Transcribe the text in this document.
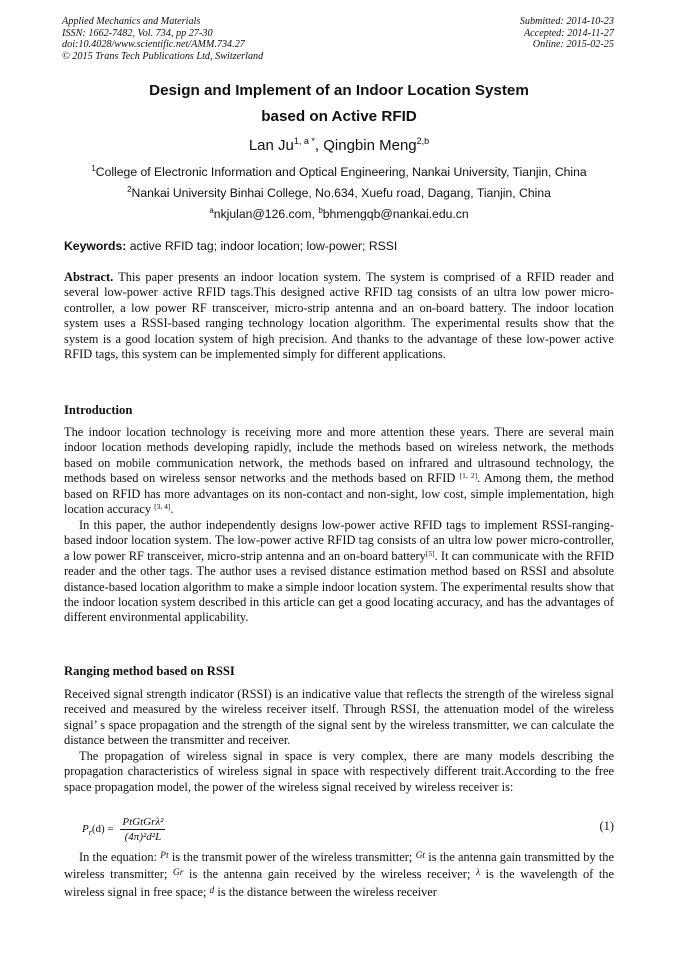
Applied Mechanics and Materials
ISSN: 1662-7482, Vol. 734, pp 27-30
doi:10.4028/www.scientific.net/AMM.734.27
© 2015 Trans Tech Publications Ltd, Switzerland
Submitted: 2014-10-23
Accepted: 2014-11-27
Online: 2015-02-25
Design and Implement of an Indoor Location System
based on Active RFID
Lan $Ju^{1, a *}$, Qingbin Meng$^{2,b}$
$^1$College of Electronic Information and Optical Engineering, Nankai University, Tianjin, China
$^2$Nankai University Binhai College, No.634, Xuefu road, Dagang, Tianjin, China
$^a$nkjulan@126.com, $^b$bhmengqb@nankai.edu.cn
Keywords: active RFID tag; indoor location; low-power; RSSI
Abstract. This paper presents an indoor location system. The system is comprised of a RFID reader and several low-power active RFID tags.This designed active RFID tag consists of an ultra low power micro-controller, a low power RF transceiver, micro-strip antenna and an on-board battery. The indoor location system uses a RSSI-based ranging technology location algorithm. The experimental results show that the system is a good location system of high precision. And thanks to the advantage of these low-power active RFID tags, this system can be implemented simply for different applications.
Introduction
The indoor location technology is receiving more and more attention these years. There are several main indoor location methods developing rapidly, include the methods based on wireless network, the methods based on mobile communication network, the methods based on infrared and ultrasound technology, the methods based on wireless sensor networks and the methods based on RFID [1, 2]. Among them, the method based on RFID has more advantages on its non-contact and non-sight, low cost, simple implementation, high location accuracy [3, 4].
In this paper, the author independently designs low-power active RFID tags to implement RSSI-ranging-based indoor location system. The low-power active RFID tag consists of an ultra low power micro-controller, a low power RF transceiver, micro-strip antenna and an on-board battery[5]. It can communicate with the RFID reader and the other tags. The author uses a revised distance estimation method based on RSSI and absolute distance-based location algorithm to make a simple indoor location system. The experimental results show that the indoor location system described in this article can get a good locating accuracy, and has the advantages of different environmental applicability.
Ranging method based on RSSI
Received signal strength indicator (RSSI) is an indicative value that reflects the strength of the wireless signal received and measured by the wireless receiver itself. Through RSSI, the attenuation model of the wireless signal’ s space propagation and the strength of the signal sent by the wireless transmitter, we can calculate the distance between the transmitter and receiver.
The propagation of wireless signal in space is very complex, there are many models describing the propagation characteristics of wireless signal in space with respectively different trait.According to the free space propagation model, the power of the wireless signal received by wireless receiver is:
$P_r(d) = \frac{\text{PtGtGrλ²}}{\text{(4π)²d²L}}$	(1)
In the equation: $^{Pt}$ is the transmit power of the wireless transmitter; $^{Gt}$ is the antenna gain transmitted by the wireless transmitter; $^{Gr}$ is the antenna gain received by the wireless receiver; $^\lambda$ is the wavelength of the wireless signal in free space; $^d$ is the distance between the wireless receiver
